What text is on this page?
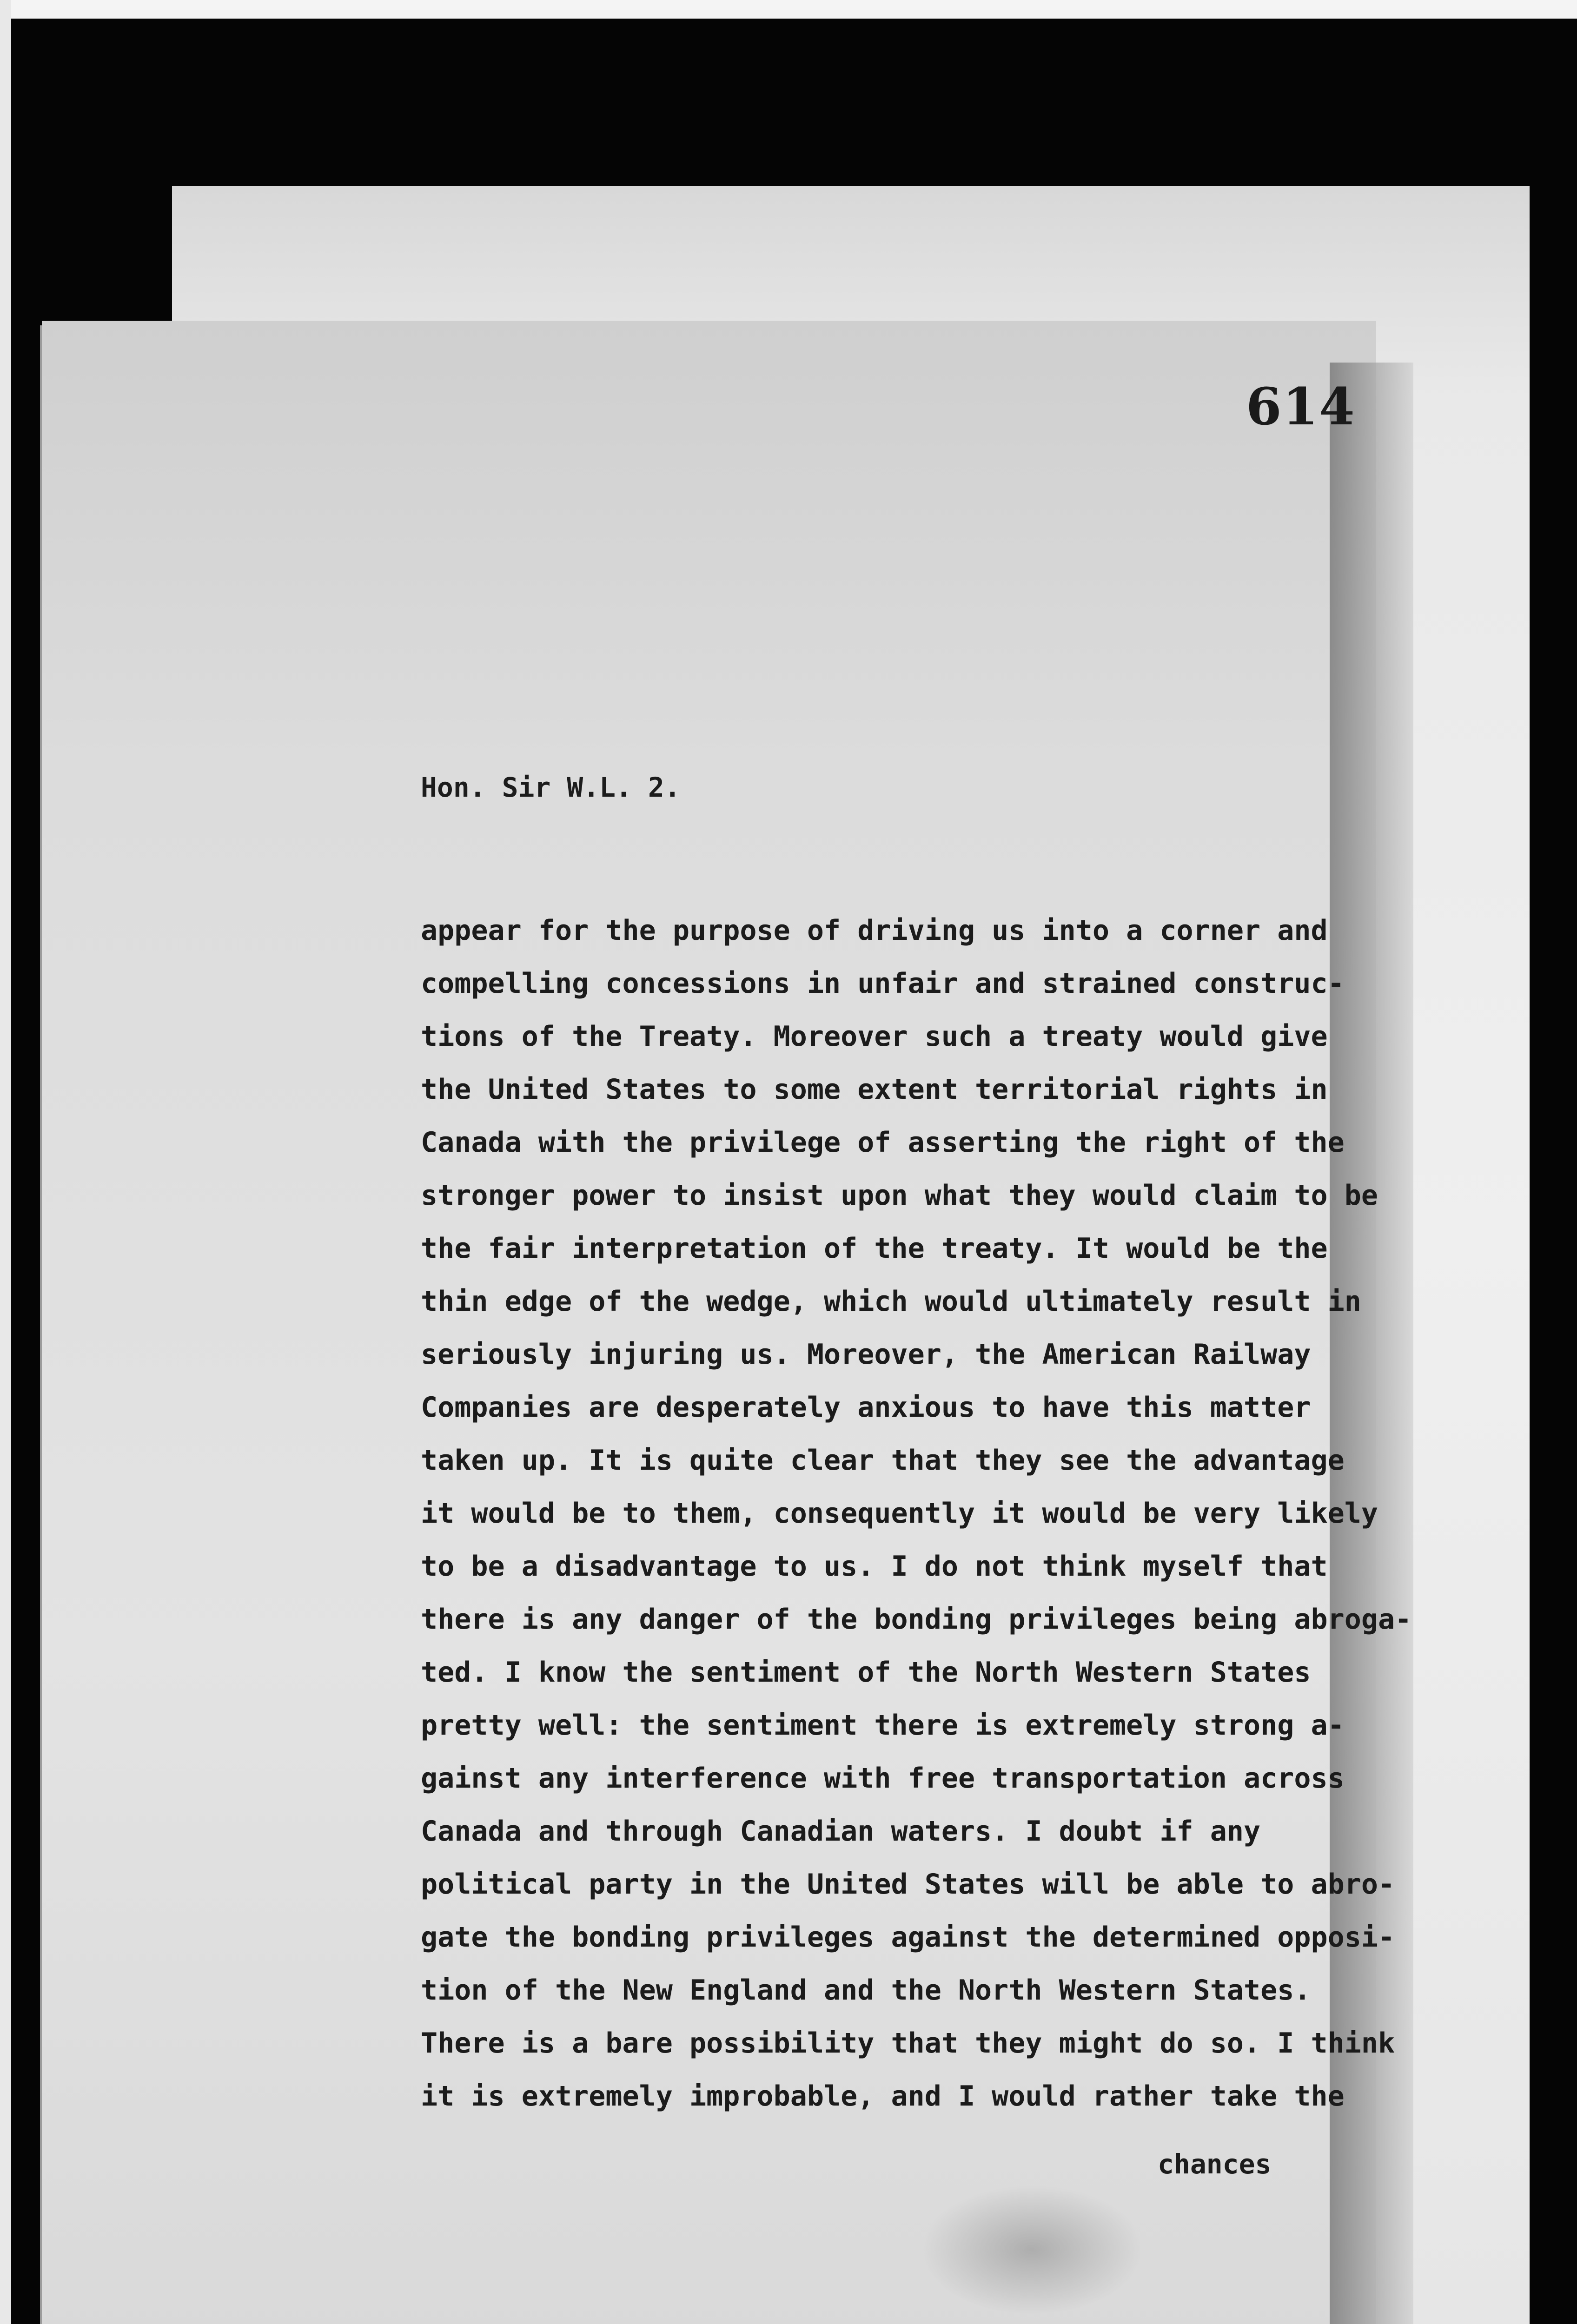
614
Hon. Sir W.L. 2.
appear for the purpose of driving us into a corner and
compelling concessions in unfair and strained construc-
tions of the Treaty. Moreover such a treaty would give
the United States to some extent territorial rights in
Canada with the privilege of asserting the right of the
stronger power to insist upon what they would claim to be
the fair interpretation of the treaty. It would be the
thin edge of the wedge, which would ultimately result in
seriously injuring us. Moreover, the American Railway
Companies are desperately anxious to have this matter
taken up. It is quite clear that they see the advantage
it would be to them, consequently it would be very likely
to be a disadvantage to us. I do not think myself that
there is any danger of the bonding privileges being abroga-
ted. I know the sentiment of the North Western States
pretty well: the sentiment there is extremely strong a-
gainst any interference with free transportation across
Canada and through Canadian waters. I doubt if any
political party in the United States will be able to abro-
gate the bonding privileges against the determined opposi-
tion of the New England and the North Western States.
There is a bare possibility that they might do so. I think
it is extremely improbable, and I would rather take the
chances
